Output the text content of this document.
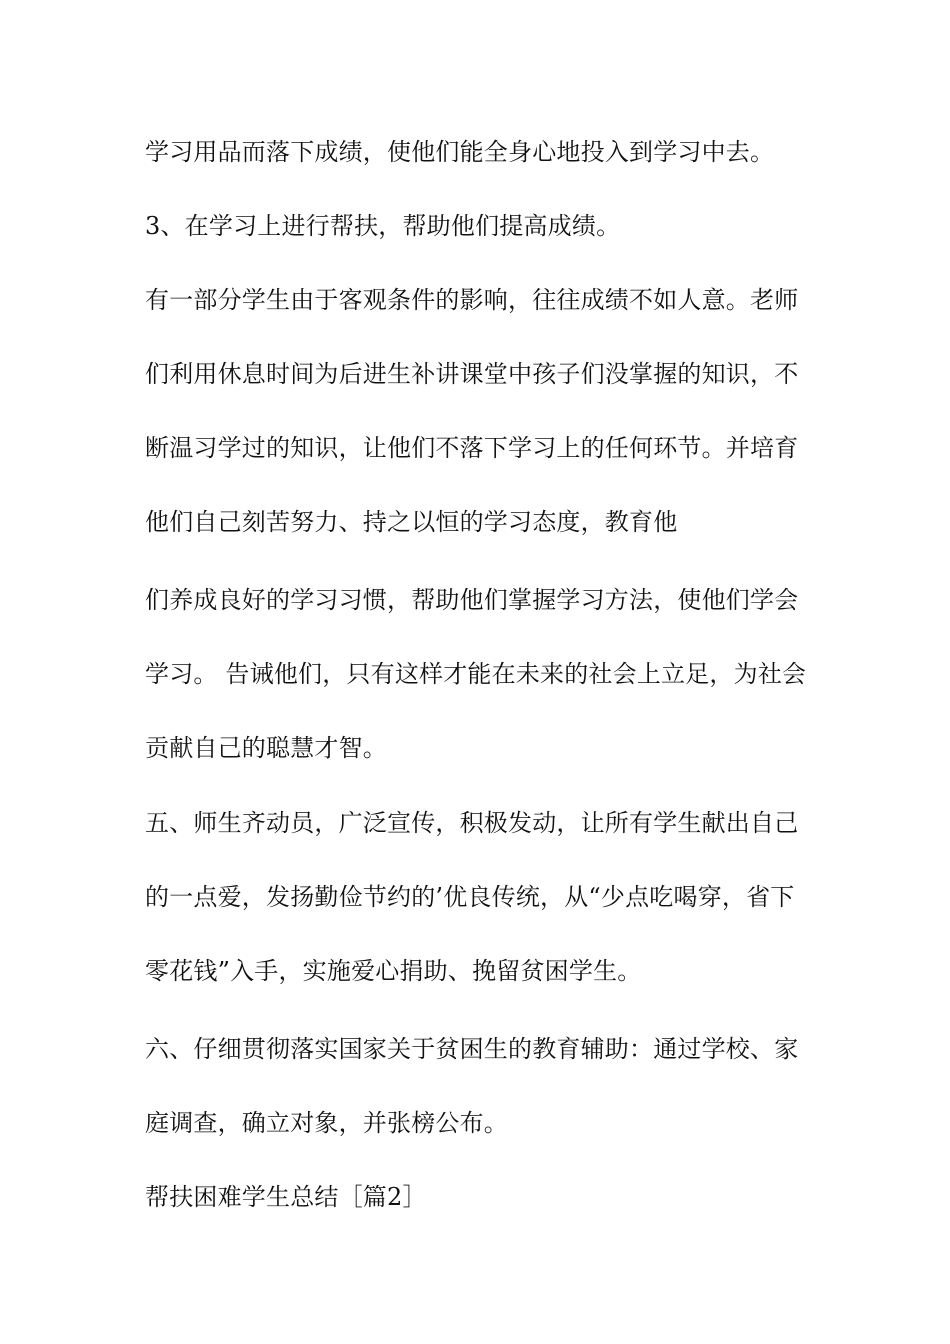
学习用品而落下成绩，使他们能全身心地投入到学习中去。
3、在学习上进行帮扶，帮助他们提高成绩。
有一部分学生由于客观条件的影响，往往成绩不如人意。老师
们利用休息时间为后进生补讲课堂中孩子们没掌握的知识，不
断温习学过的知识，让他们不落下学习上的任何环节。并培育
他们自己刻苦努力、持之以恒的学习态度，教育他
们养成良好的学习习惯，帮助他们掌握学习方法，使他们学会
学习。 告诫他们，只有这样才能在未来的社会上立足，为社会
贡献自己的聪慧才智。
五、师生齐动员，广泛宣传，积极发动，让所有学生献出自己
的一点爱，发扬勤俭节约的’优良传统，从“少点吃喝穿，省下
零花钱”入手，实施爱心捐助、挽留贫困学生。
六、仔细贯彻落实国家关于贫困生的教育辅助：通过学校、家
庭调查，确立对象，并张榜公布。
帮扶困难学生总结［篇2］
